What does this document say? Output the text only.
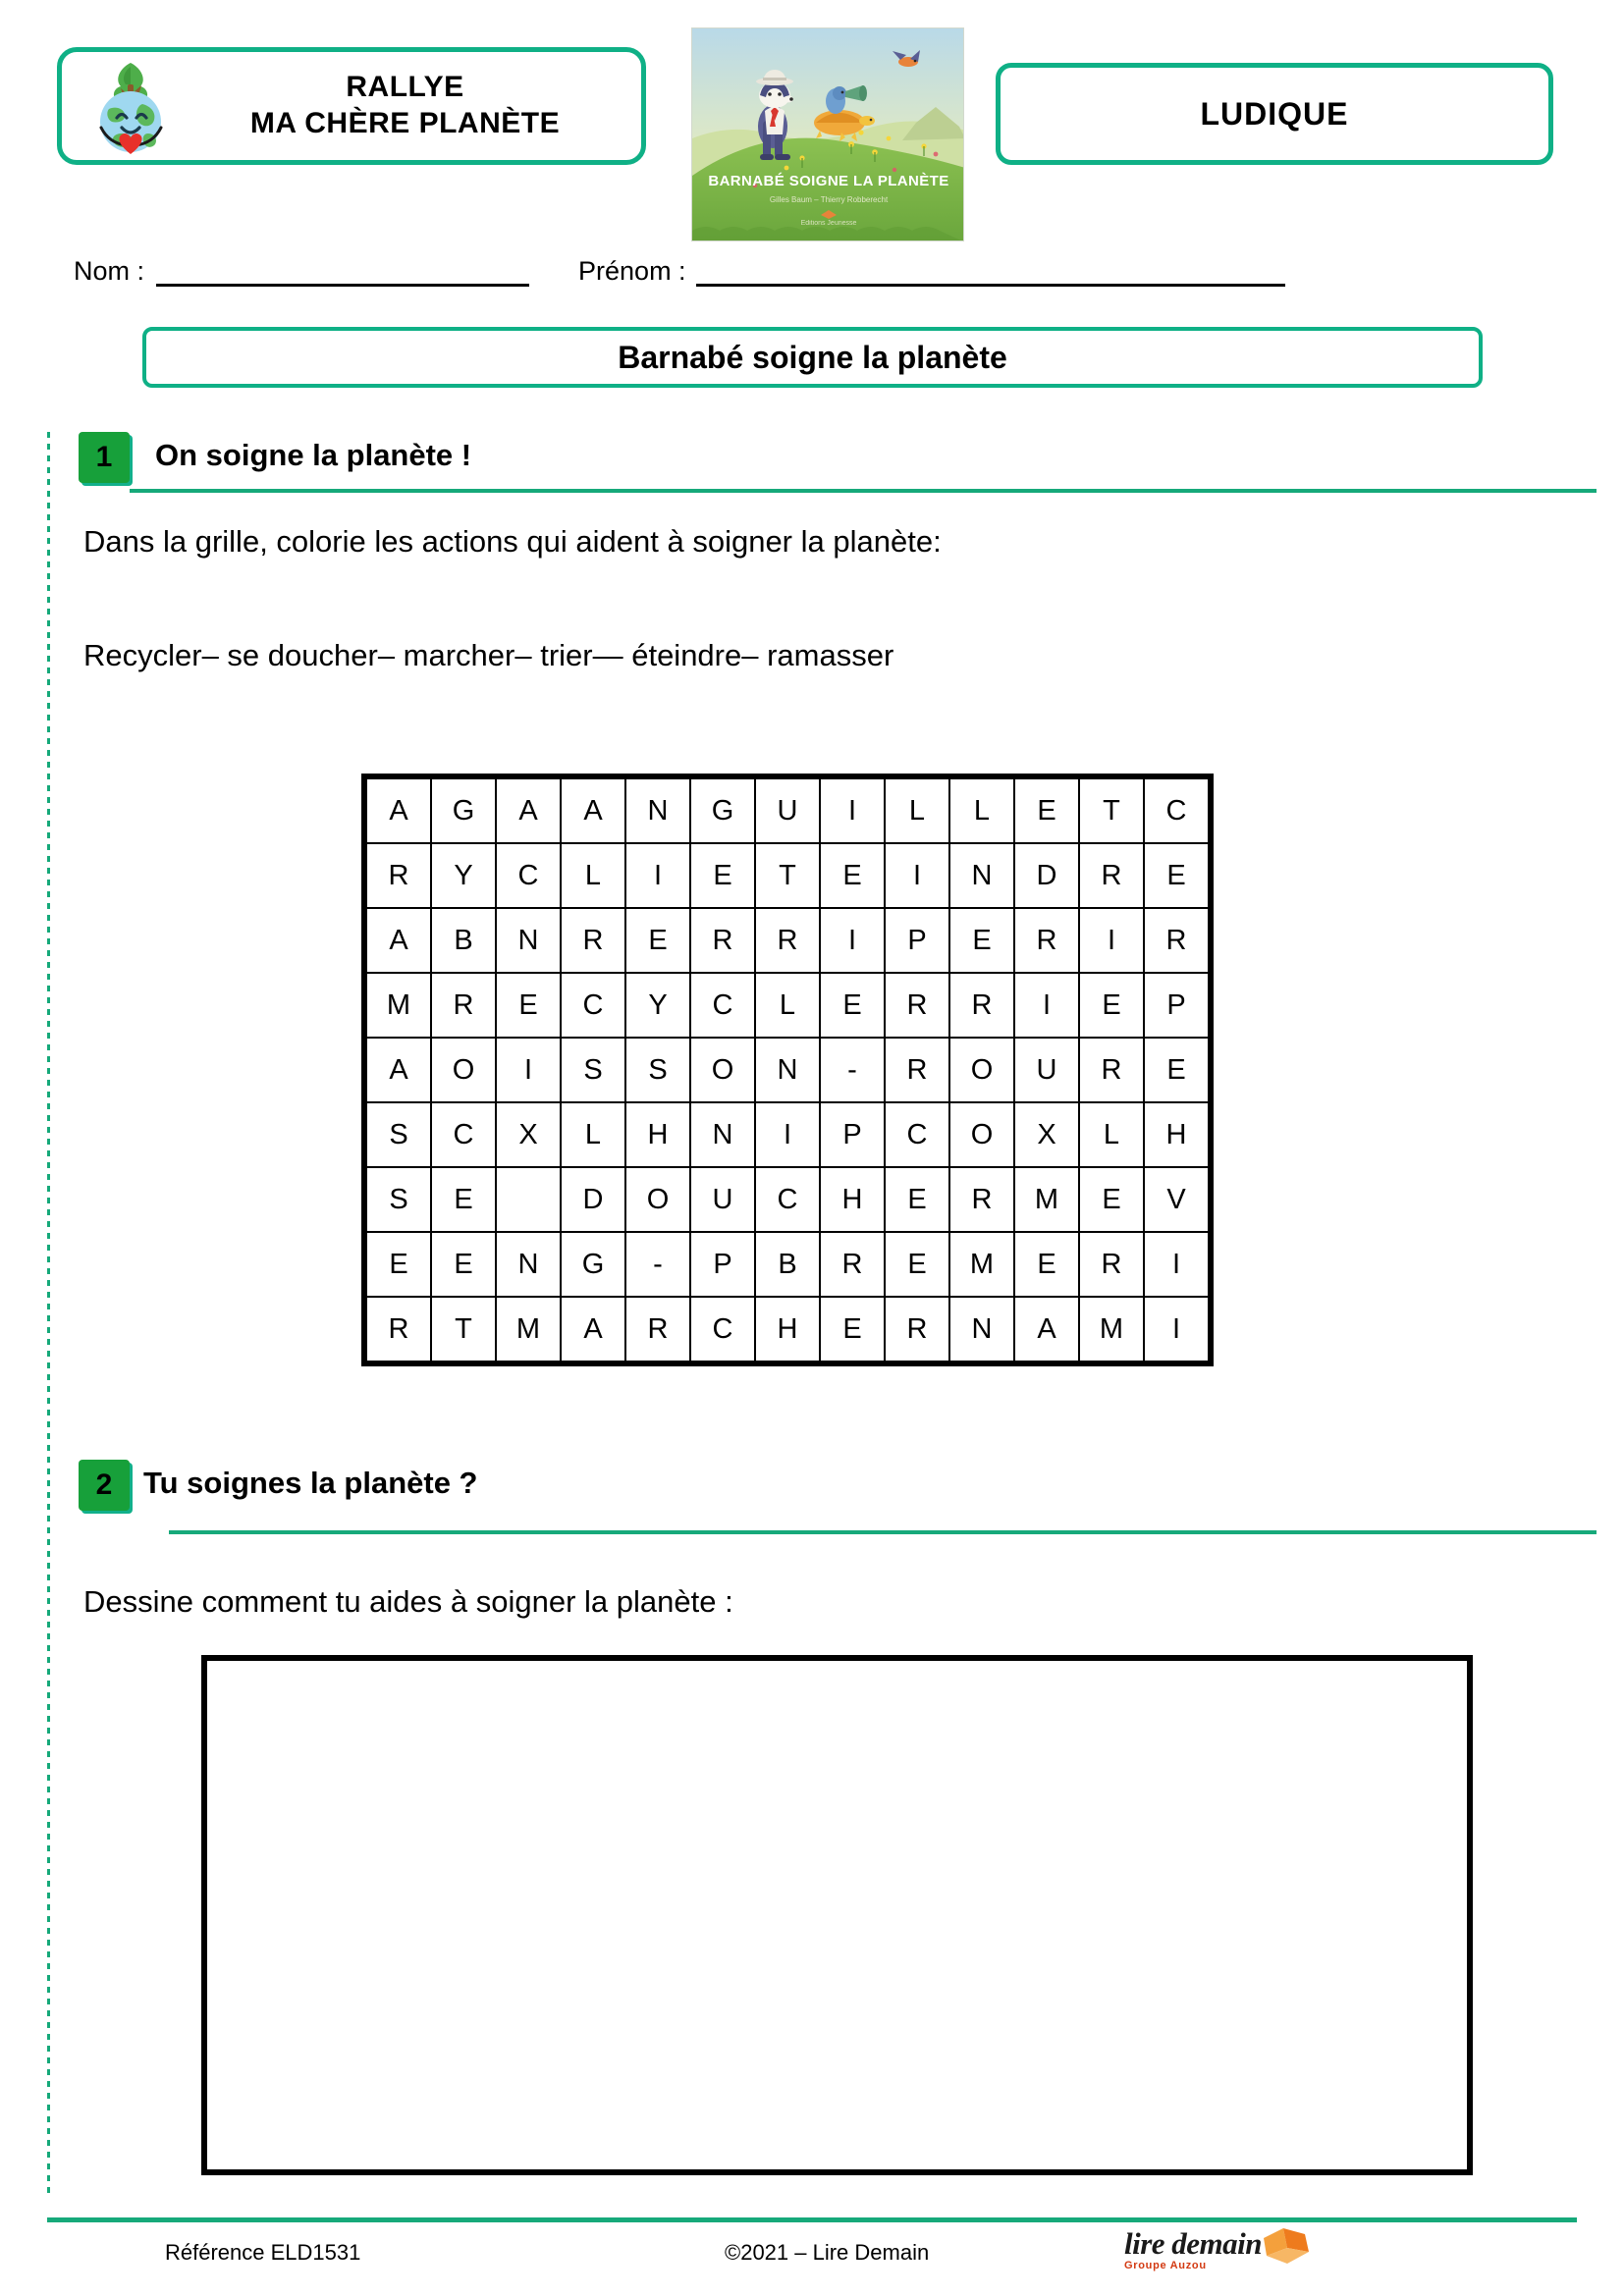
RALLYE
MA CHÈRE PLANÈTE
BARNABÉ SOIGNE LA PLANÈTE
Gilles Baum – Thierry Robberecht
Editions Jeunesse
LUDIQUE
Nom :	Prénom :
Barnabé soigne la planète
1	On soigne la planète !
Dans la grille, colorie les actions qui aident à soigner la planète:
Recycler– se doucher– marcher– trier— éteindre– ramasser
A	G	A	A	N	G	U	I	L	L	E	T	C
R	Y	C	L	I	E	T	E	I	N	D	R	E
A	B	N	R	E	R	R	I	P	E	R	I	R
M	R	E	C	Y	C	L	E	R	R	I	E	P
A	O	I	S	S	O	N	-	R	O	U	R	E
S	C	X	L	H	N	I	P	C	O	X	L	H
S	E		D	O	U	C	H	E	R	M	E	V
E	E	N	G	-	P	B	R	E	M	E	R	I
R	T	M	A	R	C	H	E	R	N	A	M	I
2	Tu soignes la planète ?
Dessine comment tu aides à soigner la planète :
Référence ELD1531	©2021 – Lire Demain	lire demain
Groupe Auzou
